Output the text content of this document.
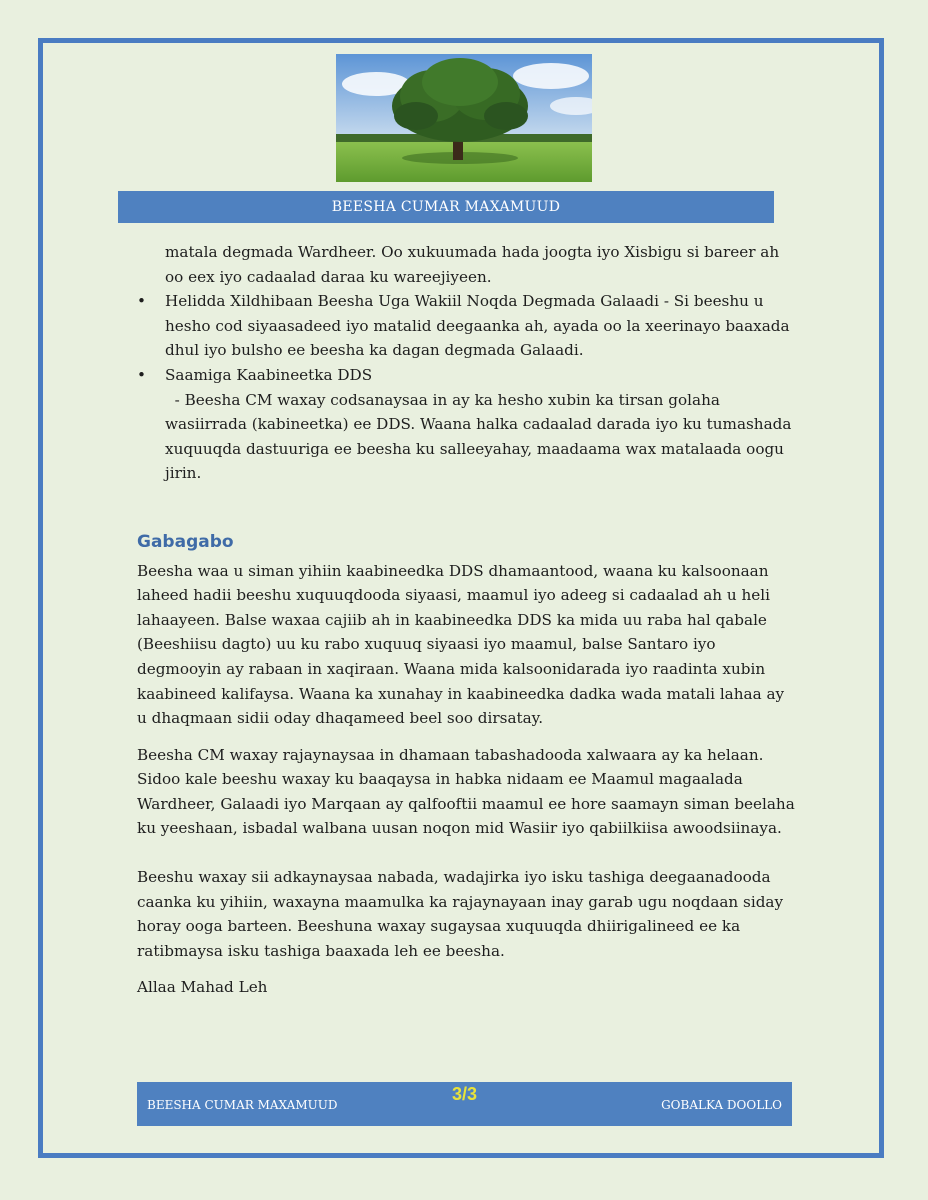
BEESHA CUMAR MAXAMUUD

matala degmada Wardheer. Oo xukuumada hada joogta iyo Xisbigu si bareer ah oo eex iyo cadaalad daraa ku wareejiyeen.

• Helidda Xildhibaan Beesha Uga Wakiil Noqda Degmada Galaadi - Si beeshu u hesho cod siyaasadeed iyo matalid deegaanka ah, ayada oo la xeerinayo baaxada dhul iyo bulsho ee beesha ka dagan degmada Galaadi.
• Saamiga Kaabineetka DDS

- Beesha CM waxay codsanaysaa in ay ka hesho xubin ka tirsan golaha wasiirrada (kabineetka) ee DDS. Waana halka cadaalad darada iyo ku tumashada xuquuqda dastuuriga ee beesha ku salleeyahay, maadaama wax matalaada oogu jirin.

Gabagabo

Beesha waa u siman yihiin kaabineedka DDS dhamaantood, waana ku kalsoonaan laheed hadii beeshu xuquuqdooda siyaasi, maamul iyo adeeg si cadaalad ah u heli lahaayeen. Balse waxaa cajiib ah in kaabineedka DDS ka mida uu raba hal qabale (Beeshiisu dagto) uu ku rabo xuquuq siyaasi iyo maamul, balse Santaro iyo degmooyin ay rabaan in xaqiraan. Waana mida kalsoonidarada iyo raadinta xubin kaabineed kalifaysa. Waana ka xunahay in kaabineedka dadka wada matali lahaa ay u dhaqmaan sidii oday dhaqameed beel soo dirsatay.

Beesha CM waxay rajaynaysaa in dhamaan tabashadooda xalwaara ay ka helaan. Sidoo kale beeshu waxay ku baaqaysa in habka nidaam ee Maamul magaalada Wardheer, Galaadi iyo Marqaan ay qalfooftii maamul ee hore saamayn siman beelaha ku yeeshaan, isbadal walbana uusan noqon mid Wasiir iyo qabiilkiisa awoodsiinaya.

Beeshu waxay sii adkaynaysaa nabada, wadajirka iyo isku tashiga deegaanadooda caanka ku yihiin, waxayna maamulka ka rajaynayaan inay garab ugu noqdaan siday horay ooga barteen. Beeshuna waxay sugaysaa xuquuqda dhiirigalineed ee ka ratibmaysa isku tashiga baaxada leh ee beesha.

Allaa Mahad Leh

BEESHA CUMAR MAXAMUUD
3/3
GOBALKA DOOLLO
